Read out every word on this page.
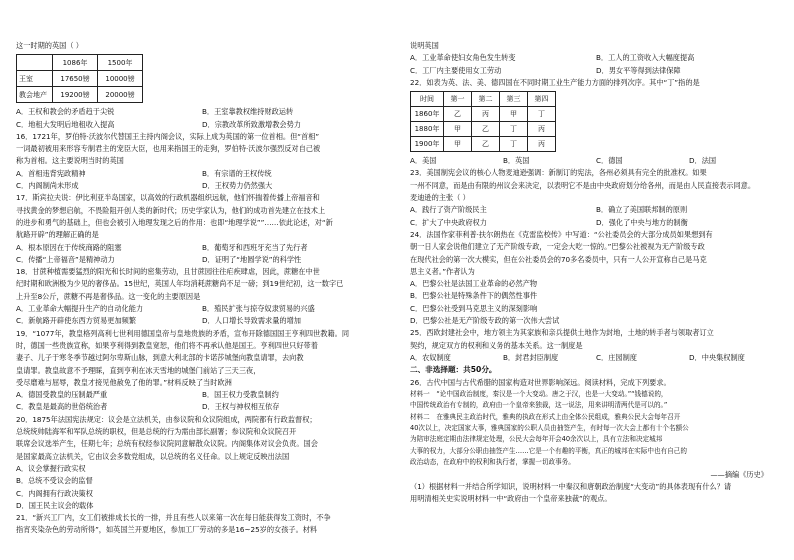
这一时期的英国（ ）
	1086年	1500年
王室	17650镑	10000镑
教会地产	19200镑	20000镑
A．王权和教会的矛盾趋于尖锐	B．王室靠教权维持财政运转
C．地租大发明后地租收入提高	D．宗教改革所致激增教会势力
16．1721年，罗伯特·沃波尔代替国王主持内阁会议，实际上成为英国的第一位首相。但“首相”
一词最初被用来形容专制君主的宠臣大臣，也用来指国王的走狗，罗伯特·沃波尔强烈反对自己被
称为首相。这主要说明当时的英国
A．首相违背宪政精神	B．有宗谱的王权传统
C．内阁制尚未形成	D．王权势力仍然强大
17．斯宾拉夫说：伊比利亚半岛国家，以高效的行政机器组织远航，他们怀揣着传播上帝福音和
寻找黄金的梦想启航，不畏险阻开创人类的新时代；历史学家认为，他们的成功首先建立在技术上
的进步和勇气的基础上，但也会被引入地理发现之后的作用：也即“地理学说””……依此论述，对“新
航路开辟”的理解正确的是
A．根本原因在于传统商路的阻塞	B．葡萄牙和西班牙充当了先行者
C．传播“上帝福音”是精神动力	D．证明了“地圆学说”的科学性
18．甘蔗种植需要猛烈的阳光和长时间的密集劳动，且甘蔗园往往疟疾肆虐，因此，蔗糖在中世
纪时期和欧洲极为少见的奢侈品。15世纪，英国人年均消耗蔗糖尚不足一磅；到19世纪初，这一数字已
上升至8公斤，蔗糖不再是奢侈品。这一变化的主要原因是
A．工业革命大幅提升生产的自动化能力	B．殖民扩张与掠夺奴隶贸易的兴盛
C．新航路开辟使东西方贸易更加频繁	D．人口增长导致需求量的增加
19．“1077年，教皇格列高利七世利用德国皇帝与皇地贵族的矛盾，宣布开除德国国王亨利四世教籍。同
时，德国一些贵族宣称，如果亨利得到教皇宽恕，他们将不再承认他是国王。亨利四世只好带着
妻子、儿子于寒冬季节越过阿尔卑斯山脉，到意大利北部的卡诺莎城堡向教皇请罪，去向教
皇请罪。教皇故意不予理睬，直到亨利在冰天雪地的城堡门前站了三天三夜，
受尽磨难与屈辱，教皇才接见他赦免了他的罪。”材料反映了当时欧洲
A．德国受教皇的压制最严重	B．国王权力受教皇制约
C．教皇是最高的世俗统治者	D．王权与神权相互依存
20．1875年法国宪法规定：议会是立法机关，由参议院和众议院组成，两院都有行政监督权；
总统统帅陆海军和军队总统的职权，但是总统的行为需由部长副署；参议院和众议院召开
联席会议选举产生，任期七年；总统有权经参议院同意解散众议院。内阁集体对议会负责。国会
是国家最高立法机关，它由议会多数党组成，以总统的名义任命。以上规定反映出法国
A．议会掌握行政实权
B．总统不受议会的监督
C．内阁拥有行政决策权
D．国王民主议会的载体
21．“新兴工厂内，女工们被排成长长的一排，并且有些人以来第一次在每日能获得发工资时，不争
指宵夹染杂色的劳动所得”，如英国兰开夏地区，参加工厂劳动的多是16~25岁的女孩子。材料
说明英国
A．工业革命使妇女角色发生转变	B．工人的工资收入大幅度提高
C．工厂内主要使用女工劳动	D．男女平等得到法律保障
22．如表为英、法、美、德四国在不同时期工业生产能力方面的排列次序。其中“丁”指的是
时间	第一	第二	第三	第四
1860年	乙	丙	甲	丁
1880年	甲	乙	丁	丙
1900年	甲	乙	丁	丙
A．美国	B．英国	C．德国	D．法国
23．美国制宪会议的核心人物麦迪逊强调：新制订的宪法，各州必须具有完全的批准权。如果
一州不同意，而是由有限的州议会来决定，以表明它不是由中央政府划分给各州，而是由人民直接表示同意。
麦迪逊的主张（ ）
A．践行了资产阶级民主	B．确立了美国联邦制的原则
C．扩大了中央政府权力	D．强化了中央与地方的制衡
24．法国作家菲利普·扶尔朗热在《克雷监校传》中写道：“公社委员会的大部分成员如果想到有
朝一日人家会说他们建立了无产阶级专政，一定会大吃一惊的。”巴黎公社被视为无产阶级专政
在现代社会的第一次大模实，但在公社委员会的70多名委员中，只有一人公开宣称自己是马克
思主义者。”作者认为
A．巴黎公社是法国工业革命的必然产物
B．巴黎公社是特殊条件下的偶然性事件
C．巴黎公社受到马克思主义的深刻影响
D．巴黎公社是无产阶级专政的第一次伟大尝试
25．西欧封建社会中，地方领主为其家族和亲兵提供土地作为封地，土地的转手者与领取者订立
契约，规定双方的权利和义务的基本关系。这一制度是
A．农奴制度	B．封君封臣制度	C．庄园制度	D．中央集权制度
二、非选择题：共50分。
26．古代中国与古代希腊的国家构造对世界影响深远。阅读材料，完成下列要求。
材料一　“论中国政治制度，秦汉是一个大变动。唐之于汉，也是一大变动。”“钱德说的，
中国传统政治有专制的，政府由一个皇帝来独裁，这一说法，用来讲明清两代是可以的。”
材料二　在雅典民主政治时代，雅典的执政在形式上由全体公民组成，雅典公民大会每年召开
40次以上，决定国家大事，雅典国家的公职人员由抽签产生，有时每一次大会上都有十个名额公
为陪审法庭定期由法律规定处理，公民大会每年开会40余次以上，具有立法和决定城邦
大事的权力，大部分公职由抽签产生……它是一个有趣的平衡，真正的城邦在实际中也有自己的
政治动态，在政府中的权利和执行者，掌握一切政事务。
——摘编《历史》
（1）根据材料一并结合所学知识，说明材料一中秦汉和唐朝政治制度“大变动”的具体表现有什么？请
用明清相关史实说明材料一中“政府由一个皇帝来独裁”的观点。
